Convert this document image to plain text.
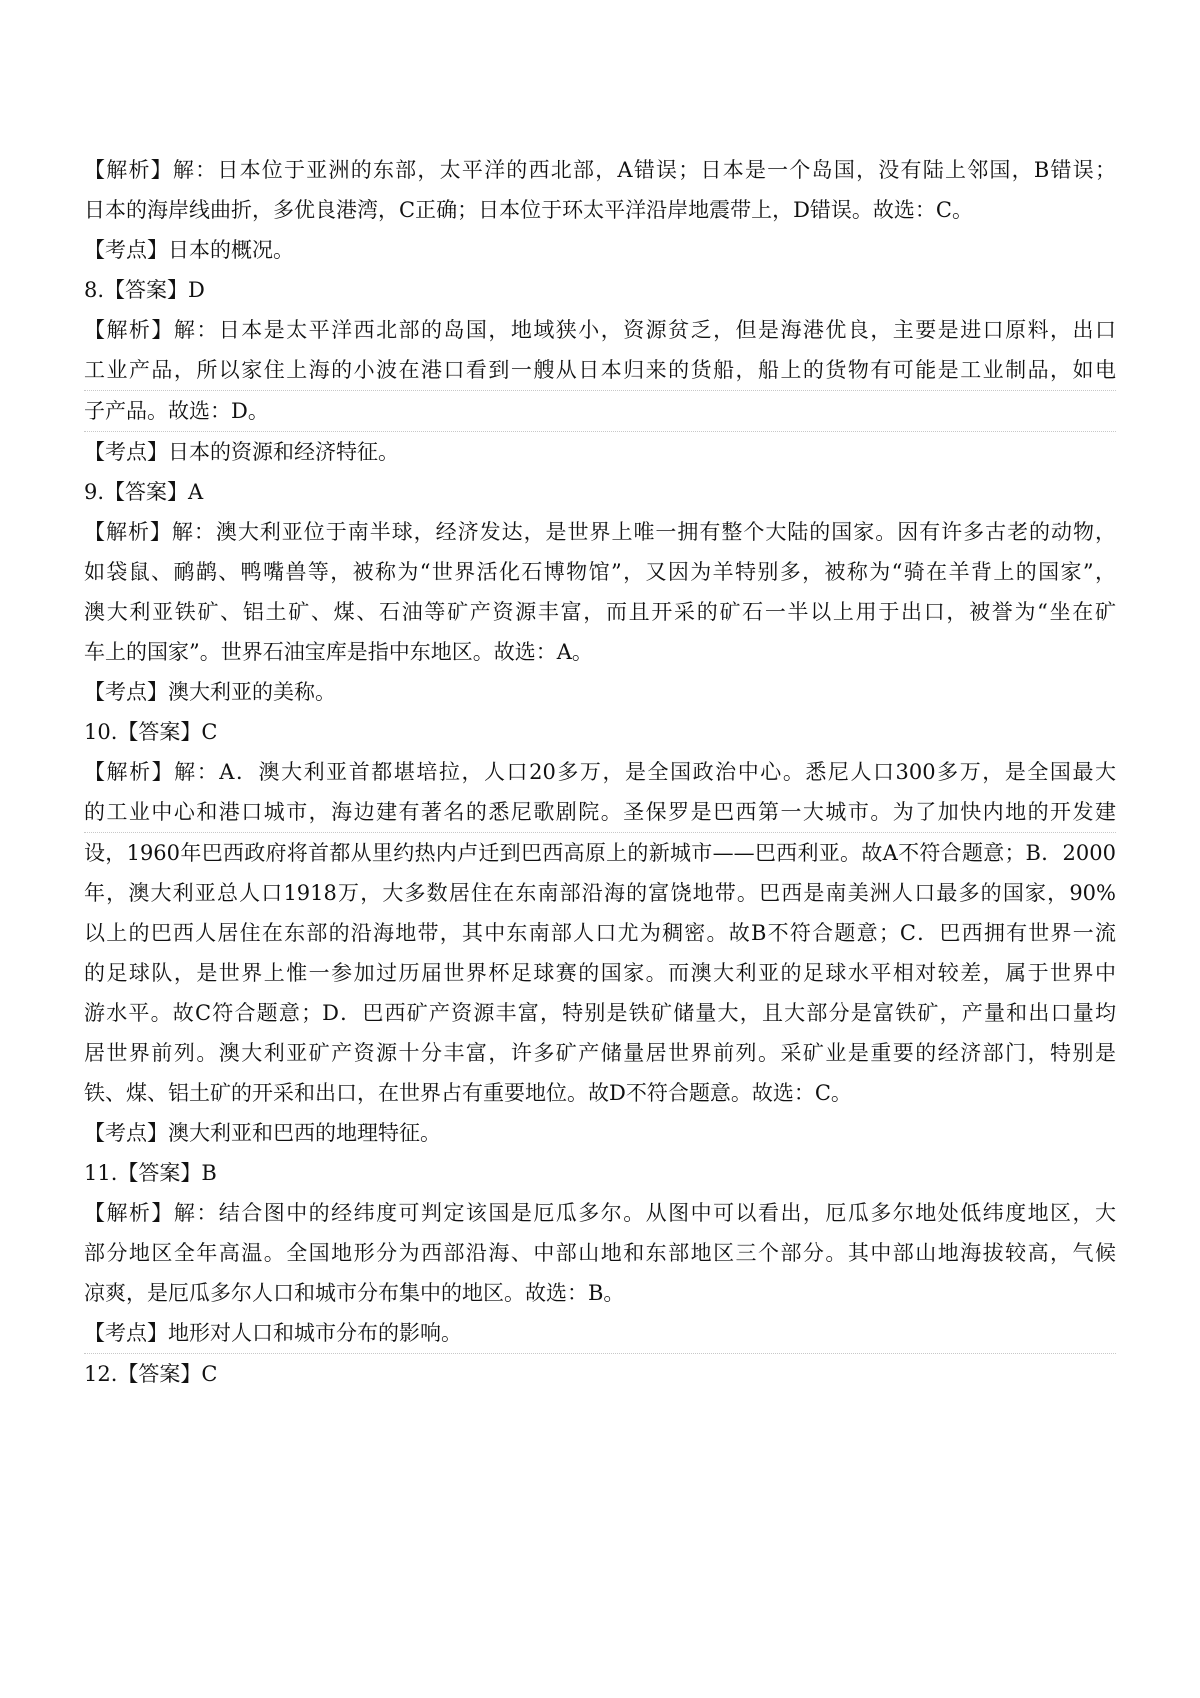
【解析】解：日本位于亚洲的东部，太平洋的西北部，A错误；日本是一个岛国，没有陆上邻国，B错误；
日本的海岸线曲折，多优良港湾，C正确；日本位于环太平洋沿岸地震带上，D错误。故选：C。
【考点】日本的概况。
8.【答案】D
【解析】解：日本是太平洋西北部的岛国，地域狭小，资源贫乏，但是海港优良，主要是进口原料，出口
工业产品，所以家住上海的小波在港口看到一艘从日本归来的货船，船上的货物有可能是工业制品，如电
子产品。故选：D。
【考点】日本的资源和经济特征。
9.【答案】A
【解析】解：澳大利亚位于南半球，经济发达，是世界上唯一拥有整个大陆的国家。因有许多古老的动物，
如袋鼠、鸸鹋、鸭嘴兽等，被称为“世界活化石博物馆”，又因为羊特别多，被称为“骑在羊背上的国家”，
澳大利亚铁矿、铝土矿、煤、石油等矿产资源丰富，而且开采的矿石一半以上用于出口，被誉为“坐在矿
车上的国家”。世界石油宝库是指中东地区。故选：A。
【考点】澳大利亚的美称。
10.【答案】C
【解析】解：A．澳大利亚首都堪培拉，人口20多万，是全国政治中心。悉尼人口300多万，是全国最大
的工业中心和港口城市，海边建有著名的悉尼歌剧院。圣保罗是巴西第一大城市。为了加快内地的开发建
设，1960年巴西政府将首都从里约热内卢迁到巴西高原上的新城市——巴西利亚。故A不符合题意；B．2000
年，澳大利亚总人口1918万，大多数居住在东南部沿海的富饶地带。巴西是南美洲人口最多的国家，90%
以上的巴西人居住在东部的沿海地带，其中东南部人口尤为稠密。故B不符合题意；C．巴西拥有世界一流
的足球队，是世界上惟一参加过历届世界杯足球赛的国家。而澳大利亚的足球水平相对较差，属于世界中
游水平。故C符合题意；D．巴西矿产资源丰富，特别是铁矿储量大，且大部分是富铁矿，产量和出口量均
居世界前列。澳大利亚矿产资源十分丰富，许多矿产储量居世界前列。采矿业是重要的经济部门，特别是
铁、煤、铝土矿的开采和出口，在世界占有重要地位。故D不符合题意。故选：C。
【考点】澳大利亚和巴西的地理特征。
11.【答案】B
【解析】解：结合图中的经纬度可判定该国是厄瓜多尔。从图中可以看出，厄瓜多尔地处低纬度地区，大
部分地区全年高温。全国地形分为西部沿海、中部山地和东部地区三个部分。其中部山地海拔较高，气候
凉爽，是厄瓜多尔人口和城市分布集中的地区。故选：B。
【考点】地形对人口和城市分布的影响。
12.【答案】C
